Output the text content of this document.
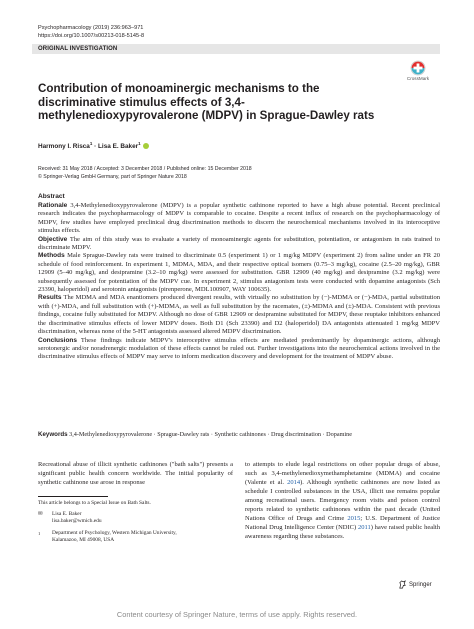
Psychopharmacology (2019) 236:963–971
https://doi.org/10.1007/s00213-018-5145-8
ORIGINAL INVESTIGATION
CrossMark
Contribution of monoaminergic mechanisms to the discriminative stimulus effects of 3,4-methylenedioxypyrovalerone (MDPV) in Sprague-Dawley rats
Harmony I. Risca$^1$ · Lisa E. Baker$^1$
Received: 31 May 2018 / Accepted: 3 December 2018 / Published online: 15 December 2018
© Springer-Verlag GmbH Germany, part of Springer Nature 2018
Abstract

Rationale 3,4-Methylenedioxypyrovalerone (MDPV) is a popular synthetic cathinone reported to have a high abuse potential. Recent preclinical research indicates the psychopharmacology of MDPV is comparable to cocaine. Despite a recent influx of research on the psychopharmacology of MDPV, few studies have employed preclinical drug discrimination methods to discern the neurochemical mechanisms involved in its interoceptive stimulus effects.

Objective The aim of this study was to evaluate a variety of monoaminergic agents for substitution, potentiation, or antagonism in rats trained to discriminate MDPV.

Methods Male Sprague-Dawley rats were trained to discriminate 0.5 (experiment 1) or 1 mg/kg MDPV (experiment 2) from saline under an FR 20 schedule of food reinforcement. In experiment 1, MDMA, MDA, and their respective optical isomers (0.75–3 mg/kg), cocaine (2.5–20 mg/kg), GBR 12909 (5–40 mg/kg), and desipramine (3.2–10 mg/kg) were assessed for substitution. GBR 12909 (40 mg/kg) and desipramine (3.2 mg/kg) were subsequently assessed for potentiation of the MDPV cue. In experiment 2, stimulus antagonism tests were conducted with dopamine antagonists (Sch 23390, haloperidol) and serotonin antagonists (pirenperone, MDL100907, WAY 100635).

Results The MDMA and MDA enantiomers produced divergent results, with virtually no substitution by (−)-MDMA or (−)-MDA, partial substitution with (+)-MDA, and full substitution with (+)-MDMA, as well as full substitution by the racemates, (±)-MDMA and (±)-MDA. Consistent with previous findings, cocaine fully substituted for MDPV. Although no dose of GBR 12909 or desipramine substituted for MDPV, these reuptake inhibitors enhanced the discriminative stimulus effects of lower MDPV doses. Both D1 (Sch 23390) and D2 (haloperidol) DA antagonists attenuated 1 mg/kg MDPV discrimination, whereas none of the 5-HT antagonists assessed altered MDPV discrimination.

Conclusions These findings indicate MDPV's interoceptive stimulus effects are mediated predominantly by dopaminergic actions, although serotonergic and/or noradrenergic modulation of these effects cannot be ruled out. Further investigations into the neurochemical actions involved in the discriminative stimulus effects of MDPV may serve to inform medication discovery and development for the treatment of MDPV abuse.

Keywords 3,4-Methylenedioxypyrovalerone · Sprague-Dawley rats · Synthetic cathinones · Drug discrimination · Dopamine

Recreational abuse of illicit synthetic cathinones ("bath salts") presents a significant public health concern worldwide. The initial popularity of synthetic cathinone use arose in response

This article belongs to a Special Issue on Bath Salts.
✉	Lisa E. Baker
lisa.baker@wmich.edu
$^1$	Department of Psychology, Western Michigan University,
Kalamazoo, MI 49008, USA

to attempts to elude legal restrictions on other popular drugs of abuse, such as 3,4-methylenedioxymethamphetamine (MDMA) and cocaine (Valente et al. 2014). Although synthetic cathinones are now listed as schedule I controlled substances in the USA, illicit use remains popular among recreational users. Emergency room visits and poison control reports related to synthetic cathinones within the past decade (United Nations Office of Drugs and Crime 2015; U.S. Department of Justice National Drug Intelligence Center (NDIC) 2011) have raised public health awareness regarding these substances.

Springer
Content courtesy of Springer Nature, terms of use apply. Rights reserved.
